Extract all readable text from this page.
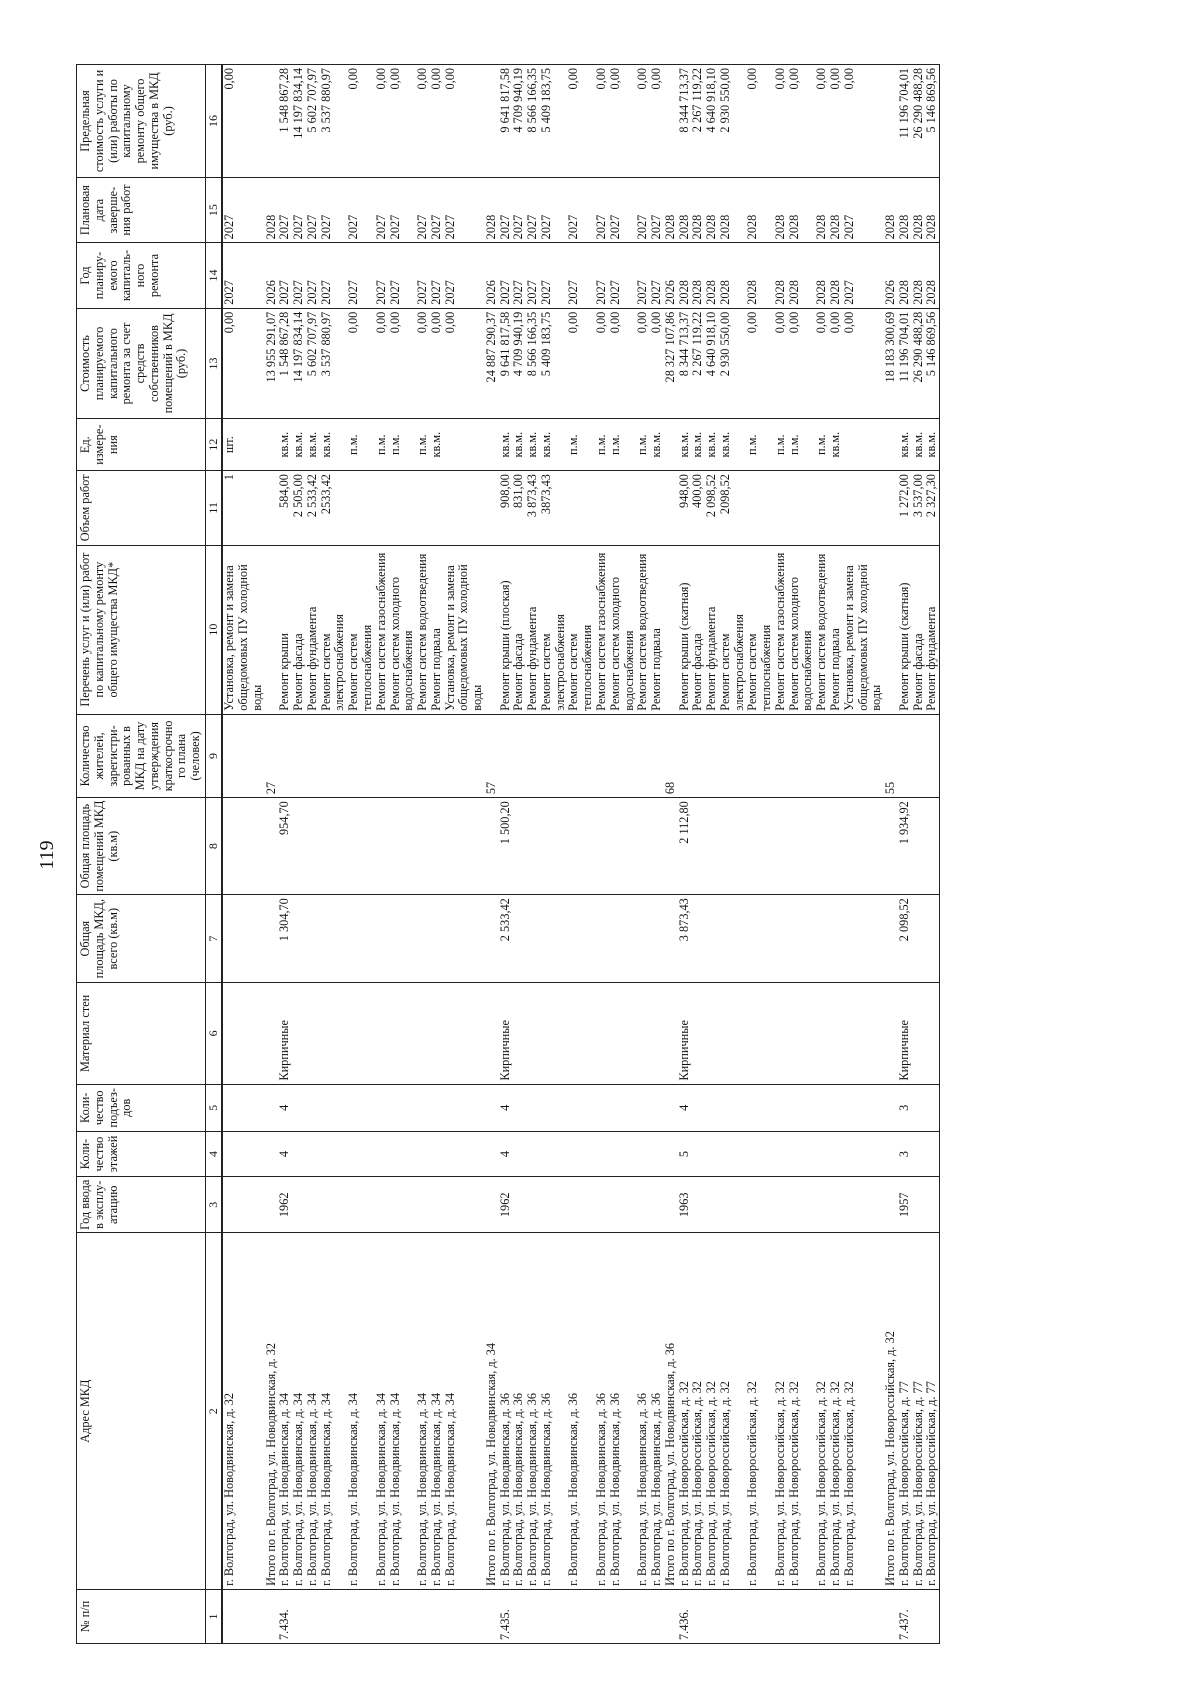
119
№ п/п	Адрес МКД	Год ввода в эксплу-атацию	Коли-чество этажей	Коли-чество подъез-дов	Материал стен	Общая площадь МКД, всего (кв.м)	Общая площадь помещений МКД (кв.м)	Количество жителей, зарегистри-рованных в МКД на дату утверждения краткосрочно го плана (человек)	Перечень услуг и (или) работ по капитальному ремонту общего имущества МКД*	Объем работ	Ед. измере-ния	Стоимость планируемого капитального ремонта за счет средств собственников помещений в МКД (руб.)	Год планиру-емого капиталь-ного ремонта	Плановая дата заверше-ния работ	Предельная стоимость услуги и (или) работы по капитальному ремонту общего имущества в МКД (руб.)
1	2	3	4	5	6	7	8	9	10	11	12	13	14	15	16
	г. Волгоград, ул. Новодвинская, д. 32								Установка, ремонт и замена общедомовых ПУ холодной воды	1	шт.	0,00	2027	2027	0,00
	Итого по г. Волгоград, ул. Новодвинская, д. 32							27				13 955 291,07	2026	2028	
7.434.	г. Волгоград, ул. Новодвинская, д. 34	1962	4	4	Кирпичные	1 304,70	954,70		Ремонт крыши	584,00	кв.м.	1 548 867,28	2027	2027	1 548 867,28
	г. Волгоград, ул. Новодвинская, д. 34								Ремонт фасада	2 505,00	кв.м.	14 197 834,14	2027	2027	14 197 834,14
	г. Волгоград, ул. Новодвинская, д. 34								Ремонт фундамента	2 533,42	кв.м.	5 602 707,97	2027	2027	5 602 707,97
	г. Волгоград, ул. Новодвинская, д. 34								Ремонт систем электроснабжения	2533,42	кв.м.	3 537 880,97	2027	2027	3 537 880,97
	г. Волгоград, ул. Новодвинская, д. 34								Ремонт систем теплоснабжения		п.м.	0,00	2027	2027	0,00
	г. Волгоград, ул. Новодвинская, д. 34								Ремонт систем газоснабжения		п.м.	0,00	2027	2027	0,00
	г. Волгоград, ул. Новодвинская, д. 34								Ремонт систем холодного водоснабжения		п.м.	0,00	2027	2027	0,00
	г. Волгоград, ул. Новодвинская, д. 34								Ремонт систем водоотведения		п.м.	0,00	2027	2027	0,00
	г. Волгоград, ул. Новодвинская, д. 34								Ремонт подвала		кв.м.	0,00	2027	2027	0,00
	г. Волгоград, ул. Новодвинская, д. 34								Установка, ремонт и замена общедомовых ПУ холодной воды			0,00	2027	2027	0,00
	Итого по г. Волгоград, ул. Новодвинская, д. 34							57				24 887 290,37	2026	2028	
7.435.	г. Волгоград, ул. Новодвинская, д. 36	1962	4	4	Кирпичные	2 533,42	1 500,20		Ремонт крыши (плоская)	908,00	кв.м.	9 641 817,58	2027	2027	9 641 817,58
	г. Волгоград, ул. Новодвинская, д. 36								Ремонт фасада	831,00	кв.м.	4 709 940,19	2027	2027	4 709 940,19
	г. Волгоград, ул. Новодвинская, д. 36								Ремонт фундамента	3 873,43	кв.м.	8 566 166,35	2027	2027	8 566 166,35
	г. Волгоград, ул. Новодвинская, д. 36								Ремонт систем электроснабжения	3873,43	кв.м.	5 409 183,75	2027	2027	5 409 183,75
	г. Волгоград, ул. Новодвинская, д. 36								Ремонт систем теплоснабжения		п.м.	0,00	2027	2027	0,00
	г. Волгоград, ул. Новодвинская, д. 36								Ремонт систем газоснабжения		п.м.	0,00	2027	2027	0,00
	г. Волгоград, ул. Новодвинская, д. 36								Ремонт систем холодного водоснабжения		п.м.	0,00	2027	2027	0,00
	г. Волгоград, ул. Новодвинская, д. 36								Ремонт систем водоотведения		п.м.	0,00	2027	2027	0,00
	г. Волгоград, ул. Новодвинская, д. 36								Ремонт подвала		кв.м.	0,00	2027	2027	0,00
	Итого по г. Волгоград, ул. Новодвинская, д. 36							68				28 327 107,86	2026	2028	
7.436.	г. Волгоград, ул. Новороссийская, д. 32	1963	5	4	Кирпичные	3 873,43	2 112,80		Ремонт крыши (скатная)	948,00	кв.м.	8 344 713,37	2028	2028	8 344 713,37
	г. Волгоград, ул. Новороссийская, д. 32								Ремонт фасада	400,00	кв.м.	2 267 119,22	2028	2028	2 267 119,22
	г. Волгоград, ул. Новороссийская, д. 32								Ремонт фундамента	2 098,52	кв.м.	4 640 918,10	2028	2028	4 640 918,10
	г. Волгоград, ул. Новороссийская, д. 32								Ремонт систем электроснабжения	2098,52	кв.м.	2 930 550,00	2028	2028	2 930 550,00
	г. Волгоград, ул. Новороссийская, д. 32								Ремонт систем теплоснабжения		п.м.	0,00	2028	2028	0,00
	г. Волгоград, ул. Новороссийская, д. 32								Ремонт систем газоснабжения		п.м.	0,00	2028	2028	0,00
	г. Волгоград, ул. Новороссийская, д. 32								Ремонт систем холодного водоснабжения		п.м.	0,00	2028	2028	0,00
	г. Волгоград, ул. Новороссийская, д. 32								Ремонт систем водоотведения		п.м.	0,00	2028	2028	0,00
	г. Волгоград, ул. Новороссийская, д. 32								Ремонт подвала		кв.м.	0,00	2028	2028	0,00
	г. Волгоград, ул. Новороссийская, д. 32								Установка, ремонт и замена общедомовых ПУ холодной воды			0,00	2027	2027	0,00
	Итого по г. Волгоград, ул. Новороссийская, д. 32							55				18 183 300,69	2026	2028	
7.437.	г. Волгоград, ул. Новороссийская, д. 77	1957	3	3	Кирпичные	2 098,52	1 934,92		Ремонт крыши (скатная)	1 272,00	кв.м.	11 196 704,01	2028	2028	11 196 704,01
	г. Волгоград, ул. Новороссийская, д. 77								Ремонт фасада	3 537,00	кв.м.	26 290 488,28	2028	2028	26 290 488,28
	г. Волгоград, ул. Новороссийская, д. 77								Ремонт фундамента	2 327,30	кв.м.	5 146 869,56	2028	2028	5 146 869,56
